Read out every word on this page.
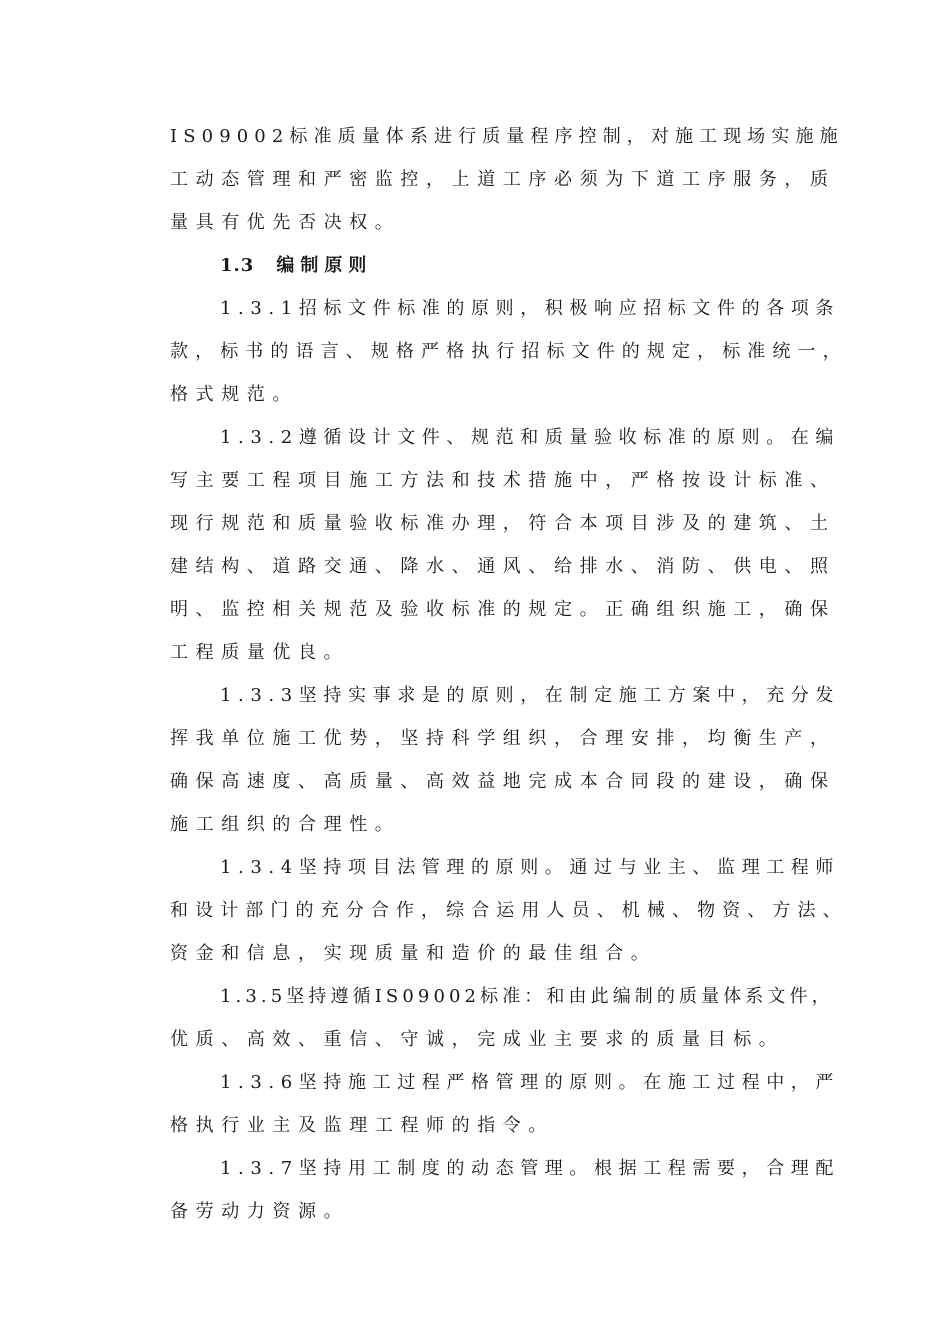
IS09002标准质量体系进行质量程序控制，对施工现场实施施
工动态管理和严密监控，上道工序必须为下道工序服务，质
量具有优先否决权。
1.3 编制原则
1.3.1招标文件标准的原则，积极响应招标文件的各项条
款，标书的语言、规格严格执行招标文件的规定，标准统一，
格式规范。
1.3.2遵循设计文件、规范和质量验收标准的原则。在编
写主要工程项目施工方法和技术措施中，严格按设计标准、
现行规范和质量验收标准办理，符合本项目涉及的建筑、土
建结构、道路交通、降水、通风、给排水、消防、供电、照
明、监控相关规范及验收标准的规定。正确组织施工，确保
工程质量优良。
1.3.3坚持实事求是的原则，在制定施工方案中，充分发
挥我单位施工优势，坚持科学组织，合理安排，均衡生产，
确保高速度、高质量、高效益地完成本合同段的建设，确保
施工组织的合理性。
1.3.4坚持项目法管理的原则。通过与业主、监理工程师
和设计部门的充分合作，综合运用人员、机械、物资、方法、
资金和信息，实现质量和造价的最佳组合。
1.3.5坚持遵循IS09002标准：和由此编制的质量体系文件，
优质、高效、重信、守诚，完成业主要求的质量目标。
1.3.6坚持施工过程严格管理的原则。在施工过程中，严
格执行业主及监理工程师的指令。
1.3.7坚持用工制度的动态管理。根据工程需要，合理配
备劳动力资源。
